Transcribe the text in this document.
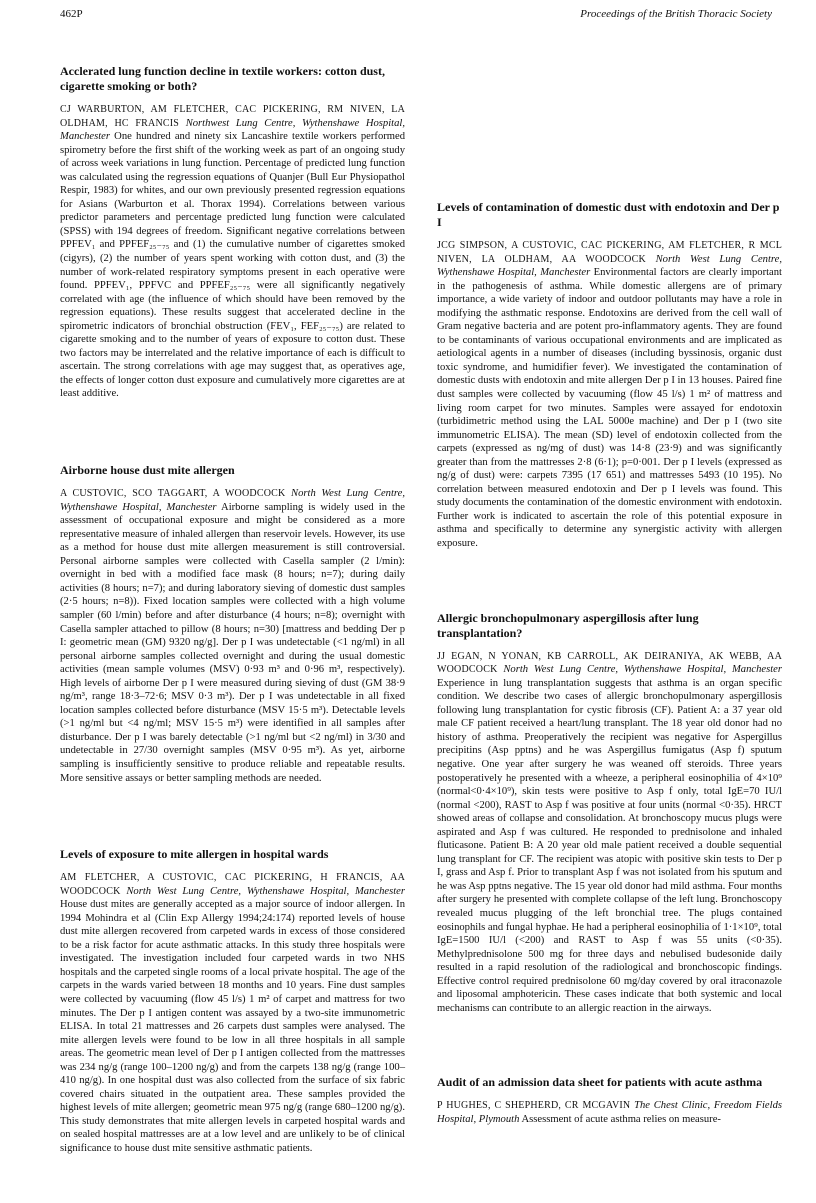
462P	Proceedings of the British Thoracic Society
Acclerated lung function decline in textile workers: cotton dust, cigarette smoking or both?

CJ WARBURTON, AM FLETCHER, CAC PICKERING, RM NIVEN, LA OLDHAM, HC FRANCIS Northwest Lung Centre, Wythenshawe Hospital, Manchester One hundred and ninety six Lancashire textile workers performed spirometry before the first shift of the working week as part of an ongoing study of across week variations in lung function. Percentage of predicted lung function was calculated using the regression equations of Quanjer (Bull Eur Physiopathol Respir, 1983) for whites, and our own previously presented regression equations for Asians (Warburton et al. Thorax 1994). Correlations between various predictor parameters and percentage predicted lung function were calculated (SPSS) with 194 degrees of freedom. Significant negative correlations between PPFEV₁ and PPFEF₂₅₋₇₅ and (1) the cumulative number of cigarettes smoked (cigyrs), (2) the number of years spent working with cotton dust, and (3) the number of work-related respiratory symptoms present in each operative were found. PPFEV₁, PPFVC and PPFEF₂₅₋₇₅ were all significantly negatively correlated with age (the influence of which should have been removed by the regression equations). These results suggest that accelerated decline in the spirometric indicators of bronchial obstruction (FEV₁, FEF₂₅₋₇₅) are related to cigarette smoking and to the number of years of exposure to cotton dust. These two factors may be interrelated and the relative importance of each is difficult to ascertain. The strong correlations with age may suggest that, as operatives age, the effects of longer cotton dust exposure and cumulatively more cigarettes are at least additive.

Airborne house dust mite allergen

A CUSTOVIC, SCO TAGGART, A WOODCOCK North West Lung Centre, Wythenshawe Hospital, Manchester Airborne sampling is widely used in the assessment of occupational exposure and might be considered as a more representative measure of inhaled allergen than reservoir levels. However, its use as a method for house dust mite allergen measurement is still controversial. Personal airborne samples were collected with Casella sampler (2 l/min): overnight in bed with a modified face mask (8 hours; n=7); during daily activities (8 hours; n=7); and during laboratory sieving of domestic dust samples (2·5 hours; n=8)). Fixed location samples were collected with a high volume sampler (60 l/min) before and after disturbance (4 hours; n=8); overnight with Casella sampler attached to pillow (8 hours; n=30) [mattress and bedding Der p I: geometric mean (GM) 9320 ng/g]. Der p I was undetectable (<1 ng/ml) in all personal airborne samples collected overnight and during the usual domestic activities (mean sample volumes (MSV) 0·93 m³ and 0·96 m³, respectively). High levels of airborne Der p I were measured during sieving of dust (GM 38·9 ng/m³, range 18·3–72·6; MSV 0·3 m³). Der p I was undetectable in all fixed location samples collected before disturbance (MSV 15·5 m³). Detectable levels (>1 ng/ml but <4 ng/ml; MSV 15·5 m³) were identified in all samples after disturbance. Der p I was barely detectable (>1 ng/ml but <2 ng/ml) in 3/30 and undetectable in 27/30 overnight samples (MSV 0·95 m³). As yet, airborne sampling is insufficiently sensitive to produce reliable and repeatable results. More sensitive assays or better sampling methods are needed.

Levels of exposure to mite allergen in hospital wards

AM FLETCHER, A CUSTOVIC, CAC PICKERING, H FRANCIS, AA WOODCOCK North West Lung Centre, Wythenshawe Hospital, Manchester House dust mites are generally accepted as a major source of indoor allergen. In 1994 Mohindra et al (Clin Exp Allergy 1994;24:174) reported levels of house dust mite allergen recovered from carpeted wards in excess of those considered to be a risk factor for acute asthmatic attacks. In this study three hospitals were investigated. The investigation included four carpeted wards in two NHS hospitals and the carpeted single rooms of a local private hospital. The age of the carpets in the wards varied between 18 months and 10 years. Fine dust samples were collected by vacuuming (flow 45 l/s) 1 m² of carpet and mattress for two minutes. The Der p I antigen content was assayed by a two-site immunometric ELISA. In total 21 mattresses and 26 carpets dust samples were analysed. The mite allergen levels were found to be low in all three hospitals in all sample areas. The geometric mean level of Der p I antigen collected from the mattresses was 234 ng/g (range 100–1200 ng/g) and from the carpets 138 ng/g (range 100–410 ng/g). In one hospital dust was also collected from the surface of six fabric covered chairs situated in the outpatient area. These samples provided the highest levels of mite allergen; geometric mean 975 ng/g (range 680–1200 ng/g). This study demonstrates that mite allergen levels in carpeted hospital wards and on sealed hospital mattresses are at a low level and are unlikely to be of clinical significance to house dust mite sensitive asthmatic patients.

Levels of contamination of domestic dust with endotoxin and Der p I

JCG SIMPSON, A CUSTOVIC, CAC PICKERING, AM FLETCHER, R MCL NIVEN, LA OLDHAM, AA WOODCOCK North West Lung Centre, Wythenshawe Hospital, Manchester Environmental factors are clearly important in the pathogenesis of asthma. While domestic allergens are of primary importance, a wide variety of indoor and outdoor pollutants may have a role in modifying the asthmatic response. Endotoxins are derived from the cell wall of Gram negative bacteria and are potent pro-inflammatory agents. They are found to be contaminants of various occupational environments and are implicated as aetiological agents in a number of diseases (including byssinosis, organic dust toxic syndrome, and humidifier fever). We investigated the contamination of domestic dusts with endotoxin and mite allergen Der p I in 13 houses. Paired fine dust samples were collected by vacuuming (flow 45 l/s) 1 m² of mattress and living room carpet for two minutes. Samples were assayed for endotoxin (turbidimetric method using the LAL 5000e machine) and Der p I (two site immunometric ELISA). The mean (SD) level of endotoxin collected from the carpets (expressed as ng/mg of dust) was 14·8 (23·9) and was significantly greater than from the mattresses 2·8 (6·1); p=0·001. Der p I levels (expressed as ng/g of dust) were: carpets 7395 (17 651) and mattresses 5493 (10 195). No correlation between measured endotoxin and Der p I levels was found. This study documents the contamination of the domestic environment with endotoxin. Further work is indicated to ascertain the role of this potential exposure in asthma and specifically to determine any synergistic activity with allergen exposure.

Allergic bronchopulmonary aspergillosis after lung transplantation?

JJ EGAN, N YONAN, KB CARROLL, AK DEIRANIYA, AK WEBB, AA WOODCOCK North West Lung Centre, Wythenshawe Hospital, Manchester Experience in lung transplantation suggests that asthma is an organ specific condition. We describe two cases of allergic bronchopulmonary aspergillosis following lung transplantation for cystic fibrosis (CF). Patient A: a 37 year old male CF patient received a heart/lung transplant. The 18 year old donor had no history of asthma. Preoperatively the recipient was negative for Aspergillus precipitins (Asp pptns) and he was Aspergillus fumigatus (Asp f) sputum negative. One year after surgery he was weaned off steroids. Three years postoperatively he presented with a wheeze, a peripheral eosinophilia of 4×10⁹ (normal<0·4×10⁹), skin tests were positive to Asp f only, total IgE=70 IU/l (normal <200), RAST to Asp f was positive at four units (normal <0·35). HRCT showed areas of collapse and consolidation. At bronchoscopy mucus plugs were aspirated and Asp f was cultured. He responded to prednisolone and inhaled fluticasone. Patient B: A 20 year old male patient received a double sequential lung transplant for CF. The recipient was atopic with positive skin tests to Der p I, grass and Asp f. Prior to transplant Asp f was not isolated from his sputum and he was Asp pptns negative. The 15 year old donor had mild asthma. Four months after surgery he presented with complete collapse of the left lung. Bronchoscopy revealed mucus plugging of the left bronchial tree. The plugs contained eosinophils and fungal hyphae. He had a peripheral eosinophilia of 1·1×10⁹, total IgE=1500 IU/l (<200) and RAST to Asp f was 55 units (<0·35). Methylprednisolone 500 mg for three days and nebulised budesonide daily resulted in a rapid resolution of the radiological and bronchoscopic findings. Effective control required prednisolone 60 mg/day covered by oral itraconazole and liposomal amphotericin. These cases indicate that both systemic and local mechanisms can contribute to an allergic reaction in the airways.

Audit of an admission data sheet for patients with acute asthma

P HUGHES, C SHEPHERD, CR MCGAVIN The Chest Clinic, Freedom Fields Hospital, Plymouth Assessment of acute asthma relies on measure-
